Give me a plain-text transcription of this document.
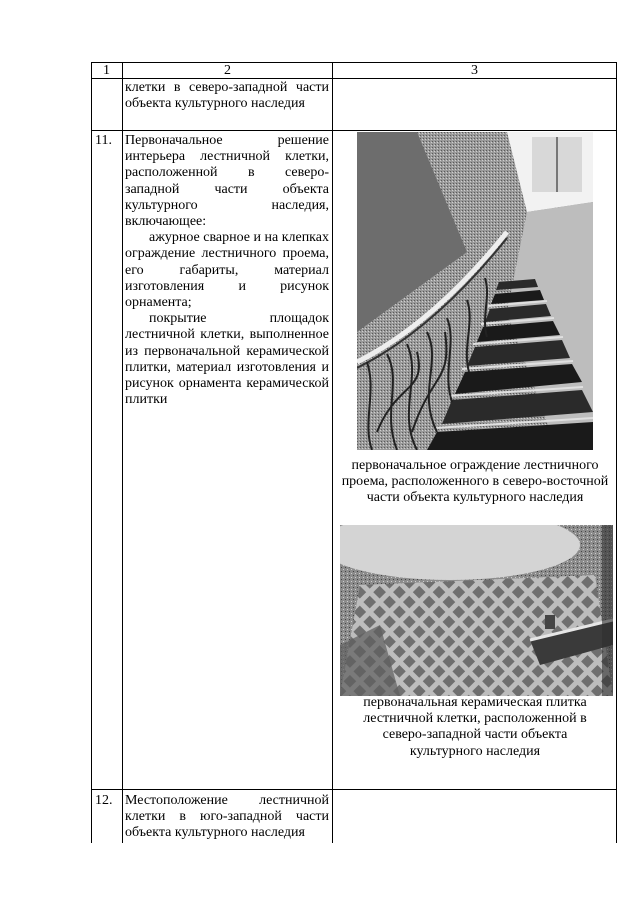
1	2	3
клетки в северо-западной части объекта культурного наследия
11. Первоначальное решение интерьера лестничной клетки, расположенной в северо-западной части объекта культурного наследия, включающее:
ажурное сварное и на клепках ограждение лестничного проема, его габариты, материал изготовления и рисунок орнамента;
покрытие площадок лестничной клетки, выполненное из первоначальной керамической плитки, материал изготовления и рисунок орнамента керамической плитки
первоначальное ограждение лестничного проема, расположенного в северо-восточной части объекта культурного наследия
первоначальная керамическая плитка лестничной клетки, расположенной в северо-западной части объекта культурного наследия
12. Местоположение лестничной клетки в юго-западной части объекта культурного наследия
